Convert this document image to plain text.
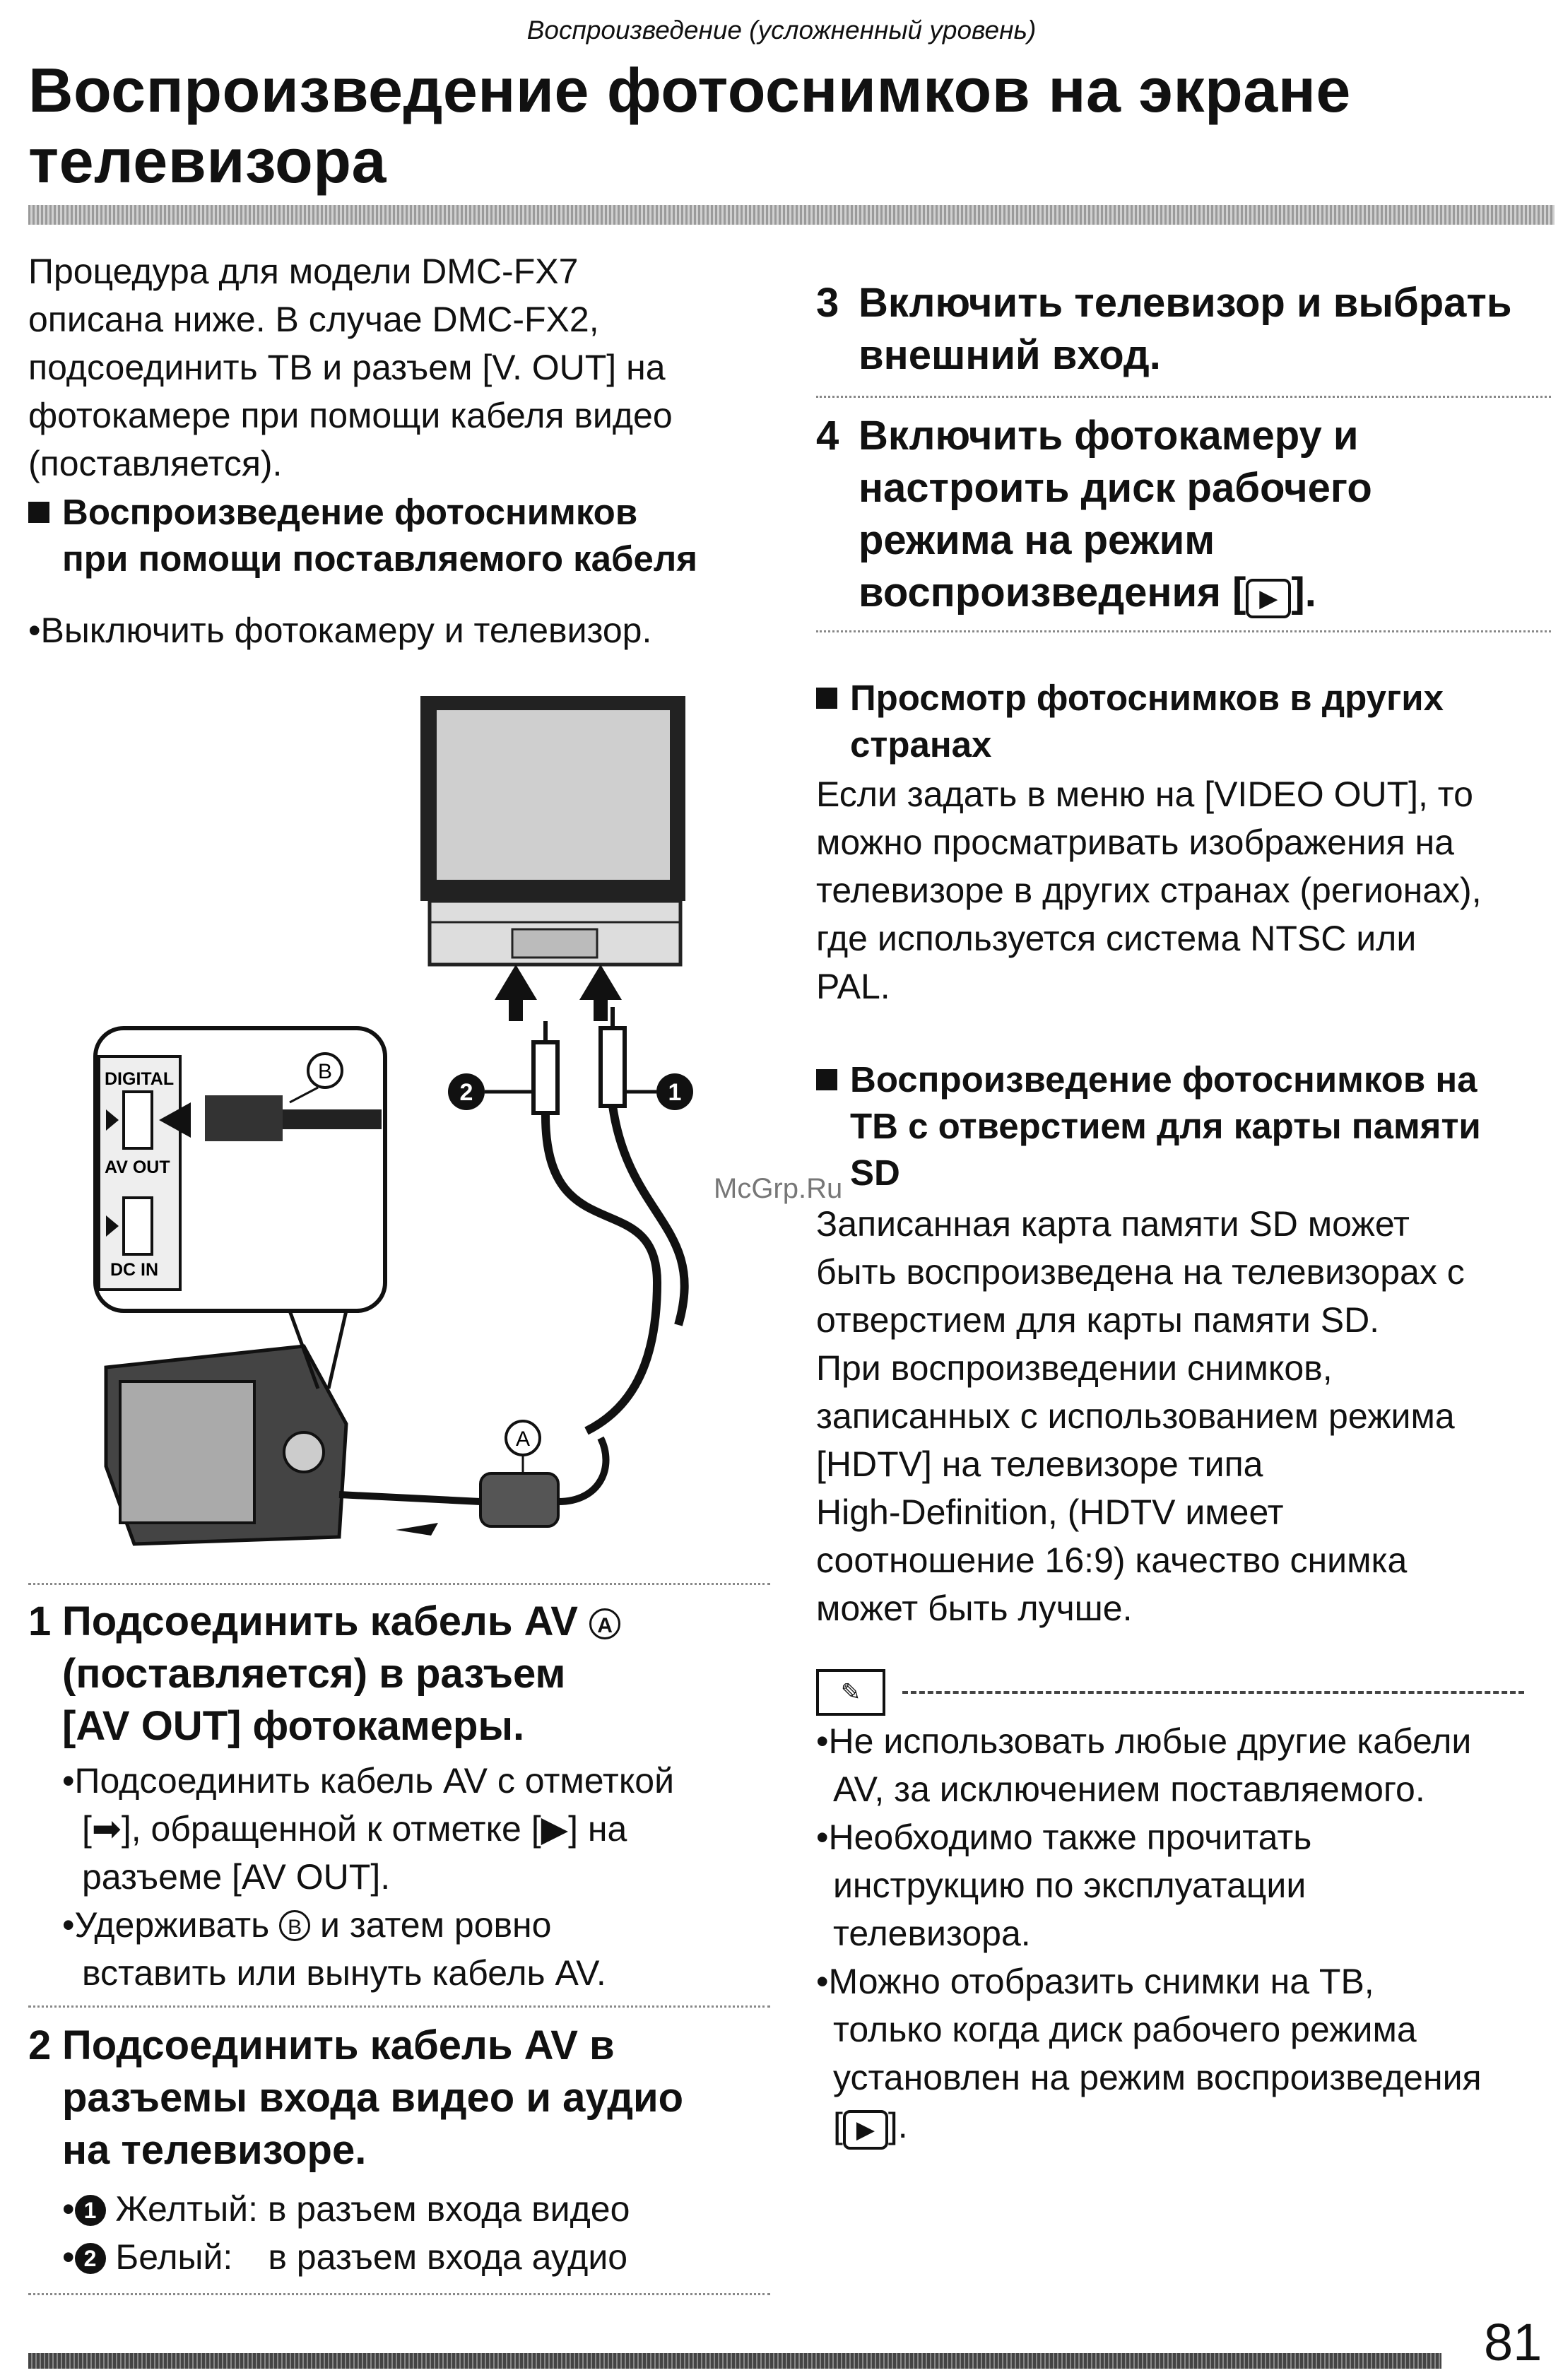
Воспроизведение (усложненный уровень)
Воспроизведение фотоснимков на экране
телевизора
Процедура для модели DMC-FX7
описана ниже. В случае DMC-FX2,
подсоединить ТВ и разъем [V. OUT] на
фотокамере при помощи кабеля видео
(поставляется).
Воспроизведение фотоснимков
при помощи поставляемого кабеля
• Выключить фотокамеру и телевизор.
2	1
DIGITAL
AV OUT
DC IN
B
A
1 Подсоединить кабель AV A
(поставляется) в разъем
[AV OUT] фотокамеры.
• Подсоединить кабель AV с отметкой
[➡], обращенной к отметке [▶] на
разъеме [AV OUT].
• Удерживать B и затем ровно
вставить или вынуть кабель AV.
2 Подсоединить кабель AV в
разъемы входа видео и аудио
на телевизоре.
• 1 Желтый: в разъем входа видео
• 2 Белый: в разъем входа аудио
3 Включить телевизор и выбрать
внешний вход.
4 Включить фотокамеру и
настроить диск рабочего
режима на режим
воспроизведения [ ▶ ].
Просмотр фотоснимков в других
странах
Если задать в меню на [VIDEO OUT], то
можно просматривать изображения на
телевизоре в других странах (регионах),
где используется система NTSC или
PAL.
Воспроизведение фотоснимков на
ТВ с отверстием для карты памяти
SD
Записанная карта памяти SD может
быть воспроизведена на телевизорах с
отверстием для карты памяти SD.
При воспроизведении снимков,
записанных с использованием режима
[HDTV] на телевизоре типа
High-Definition, (HDTV имеет
соотношение 16:9) качество снимка
может быть лучше.
✎
• Не использовать любые другие кабели
AV, за исключением поставляемого.
• Необходимо также прочитать
инструкцию по эксплуатации
телевизора.
• Можно отобразить снимки на ТВ,
только когда диск рабочего режима
установлен на режим воспроизведения
[ ▶ ].
McGrp.Ru
81
